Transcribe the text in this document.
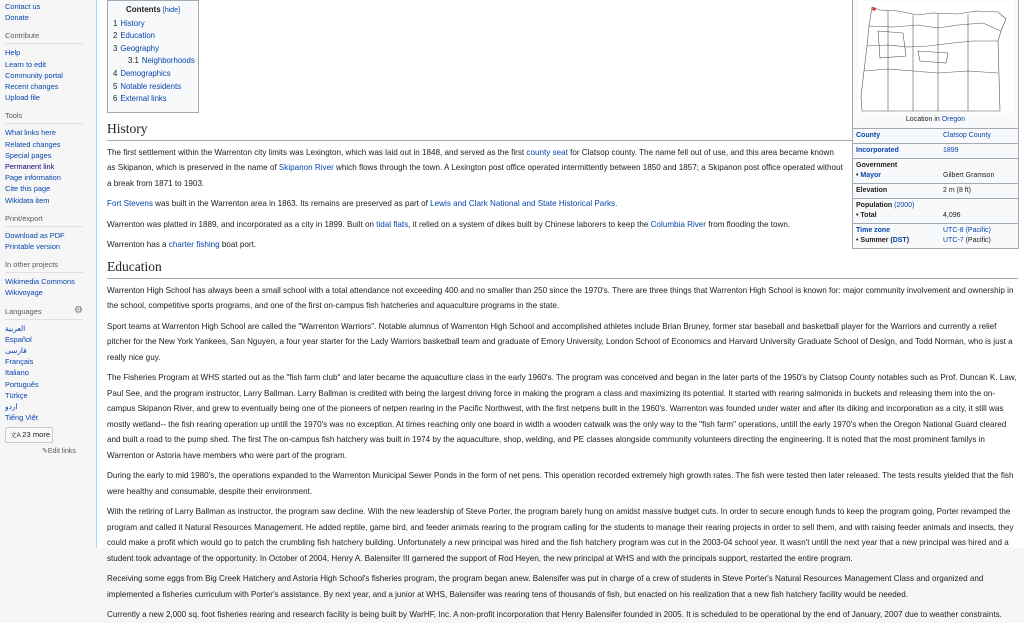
Contact us
Donate
Contribute
Help
Learn to edit
Community portal
Recent changes
Upload file
Tools
What links here
Related changes
Special pages
Permanent link
Page information
Cite this page
Wikidata item
Print/export
Download as PDF
Printable version
In other projects
Wikimedia Commons
Wikivoyage
Languages	⚙
العربية
Español
فارسی
Français
Italiano
Português
Türkçe
اردو
Tiếng Việt
文A 23 more
✎Edit links
Location in Oregon
County	Clatsop County
Incorporated	1899
Government
• Mayor	Gilbert Gramson
Elevation	2 m (8 ft)
Population (2000)
• Total	4,096
Time zone	UTC-8 (Pacific)
• Summer (DST)	UTC-7 (Pacific)
Contents [hide]
1 History
2 Education
3 Geography
3.1 Neighborhoods
4 Demographics
5 Notable residents
6 External links
History

The first settlement within the Warrenton city limits was Lexington, which was laid out in 1848, and served as the first county seat for Clatsop county. The name fell out of use, and this area became known as Skipanon, which is preserved in the name of Skipanon River which flows through the town. A Lexington post office operated intermittently between 1850 and 1857; a Skipanon post office operated without a break from 1871 to 1903.

Fort Stevens was built in the Warrenton area in 1863. Its remains are preserved as part of Lewis and Clark National and State Historical Parks.

Warrenton was platted in 1889, and incorporated as a city in 1899. Built on tidal flats, it relied on a system of dikes built by Chinese laborers to keep the Columbia River from flooding the town.

Warrenton has a charter fishing boat port.

Education

Warrenton High School has always been a small school with a total attendance not exceeding 400 and no smaller than 250 since the 1970's. There are three things that Warrenton High School is known for: major community involvement and ownership in the school, competitive sports programs, and one of the first on-campus fish hatcheries and aquaculture programs in the state.

Sport teams at Warrenton High School are called the "Warrenton Warriors". Notable alumnus of Warrenton High School and accomplished athletes include Brian Bruney, former star baseball and basketball player for the Warriors and currently a relief pitcher for the New York Yankees, San Nguyen, a four year starter for the Lady Warriors basketball team and graduate of Emory University, London School of Economics and Harvard University Graduate School of Design, and Todd Norman, who is just a really nice guy.

The Fisheries Program at WHS started out as the "fish farm club" and later became the aquaculture class in the early 1960's. The program was conceived and began in the later parts of the 1950's by Clatsop County notables such as Prof. Duncan K. Law, Paul See, and the program instructor, Larry Ballman. Larry Ballman is credited with being the largest driving force in making the program a class and maximizing its potential. It started with rearing salmonids in buckets and releasing them into the on-campus Skipanon River, and grew to eventually being one of the pioneers of netpen rearing in the Pacific Northwest, with the first netpens built in the 1960's. Warrenton was founded under water and after its diking and incorporation as a city, it still was mostly wetland-- the fish rearing operation up untill the 1970's was no exception. At times reaching only one board in width a wooden catwalk was the only way to the "fish farm" operations, untill the early 1970's when the Oregon National Guard cleared and built a road to the pump shed. The first The on-campus fish hatchery was built in 1974 by the aquaculture, shop, welding, and PE classes alongside community volunteers directing the engineering. It is noted that the most prominent familys in Warrenton or Astoria have members who were part of the program.

During the early to mid 1980's, the operations expanded to the Warrenton Municipal Sewer Ponds in the form of net pens. This operation recorded extremely high growth rates. The fish were tested then later released. The tests results yielded that the fish were healthy and consumable, despite their environment.

With the retiring of Larry Ballman as instructor, the program saw decline. With the new leadership of Steve Porter, the program barely hung on amidst massive budget cuts. In order to secure enough funds to keep the program going, Porter revamped the program and called it Natural Resources Management. He added reptile, game bird, and feeder animals rearing to the program calling for the students to manage their rearing projects in order to sell them, and with raising feeder animals and insects, they could make a profit which would go to patch the crumbling fish hatchery building. Unfortunately a new principal was hired and the fish hatchery program was cut in the 2003-04 school year. It wasn't untill the next year that a new principal was hired and a student took advantage of the opportunity. In October of 2004, Henry A. Balensifer III garnered the support of Rod Heyen, the new principal at WHS and with the principals support, restarted the entire program.

Receiving some eggs from Big Creek Hatchery and Astoria High School's fisheries program, the program began anew. Balensifer was put in charge of a crew of students in Steve Porter's Natural Resources Management Class and organized and implemented a fisheries curriculum with Porter's assistance. By next year, and a junior at WHS, Balensifer was rearing tens of thousands of fish, but enacted on his realization that a new fish hatchery facility would be needed.

Currently a new 2,000 sq. foot fisheries rearing and research facility is being built by WarHF, Inc. A non-profit incorporation that Henry Balensifer founded in 2005. It is scheduled to be operational by the end of January, 2007 due to weather constraints.
